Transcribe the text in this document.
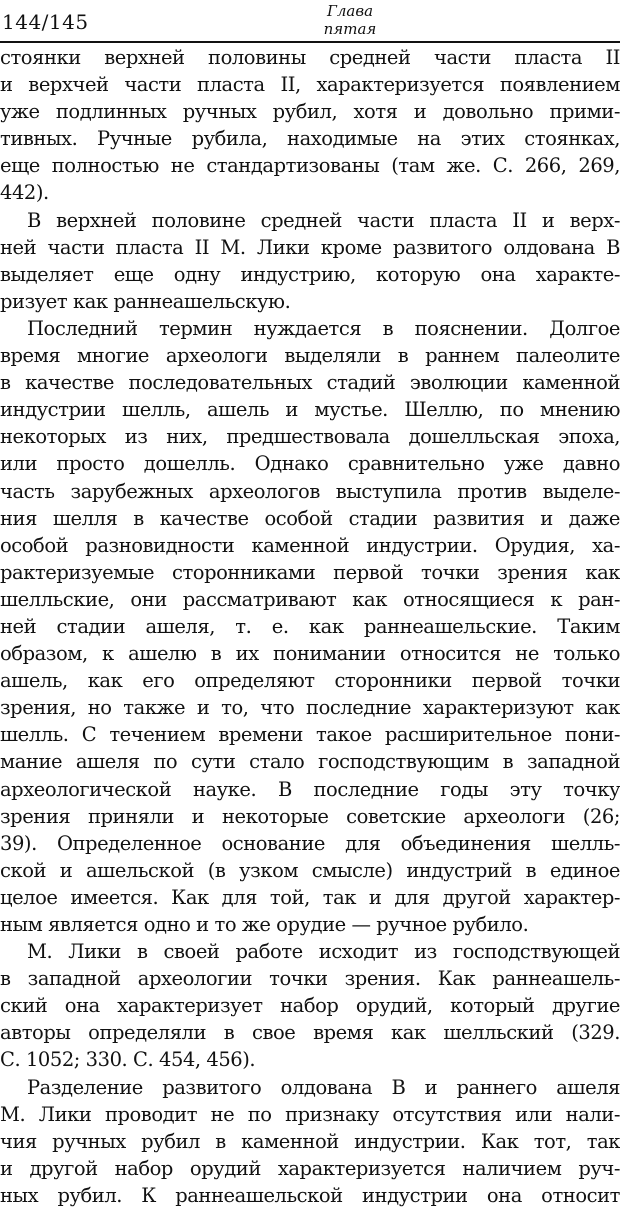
144/145	Глава
пятая
стоянки верхней половины средней части пласта II
и верхчей части пласта II, характеризуется появлением
уже подлинных ручных рубил, хотя и довольно прими-
тивных. Ручные рубила, находимые на этих стоянках,
еще полностью не стандартизованы (там же. С. 266, 269,
442).
В верхней половине средней части пласта II и верх-
ней части пласта II М. Лики кроме развитого олдована В
выделяет еще одну индустрию, которую она характе-
ризует как раннеашельскую.
Последний термин нуждается в пояснении. Долгое
время многие археологи выделяли в раннем палеолите
в качестве последовательных стадий эволюции каменной
индустрии шелль, ашель и мустье. Шеллю, по мнению
некоторых из них, предшествовала дошелльская эпоха,
или просто дошелль. Однако сравнительно уже давно
часть зарубежных археологов выступила против выделе-
ния шелля в качестве особой стадии развития и даже
особой разновидности каменной индустрии. Орудия, ха-
рактеризуемые сторонниками первой точки зрения как
шелльские, они рассматривают как относящиеся к ран-
ней стадии ашеля, т. е. как раннеашельские. Таким
образом, к ашелю в их понимании относится не только
ашель, как его определяют сторонники первой точки
зрения, но также и то, что последние характеризуют как
шелль. С течением времени такое расширительное пони-
мание ашеля по сути стало господствующим в западной
археологической науке. В последние годы эту точку
зрения приняли и некоторые советские археологи (26;
39). Определенное основание для объединения шелль-
ской и ашельской (в узком смысле) индустрий в единое
целое имеется. Как для той, так и для другой характер-
ным является одно и то же орудие — ручное рубило.
М. Лики в своей работе исходит из господствующей
в западной археологии точки зрения. Как раннеашель-
ский она характеризует набор орудий, который другие
авторы определяли в свое время как шелльский (329.
С. 1052; 330. С. 454, 456).
Разделение развитого олдована В и раннего ашеля
М. Лики проводит не по признаку отсутствия или нали-
чия ручных рубил в каменной индустрии. Как тот, так
и другой набор орудий характеризуется наличием руч-
ных рубил. К раннеашельской индустрии она относит
